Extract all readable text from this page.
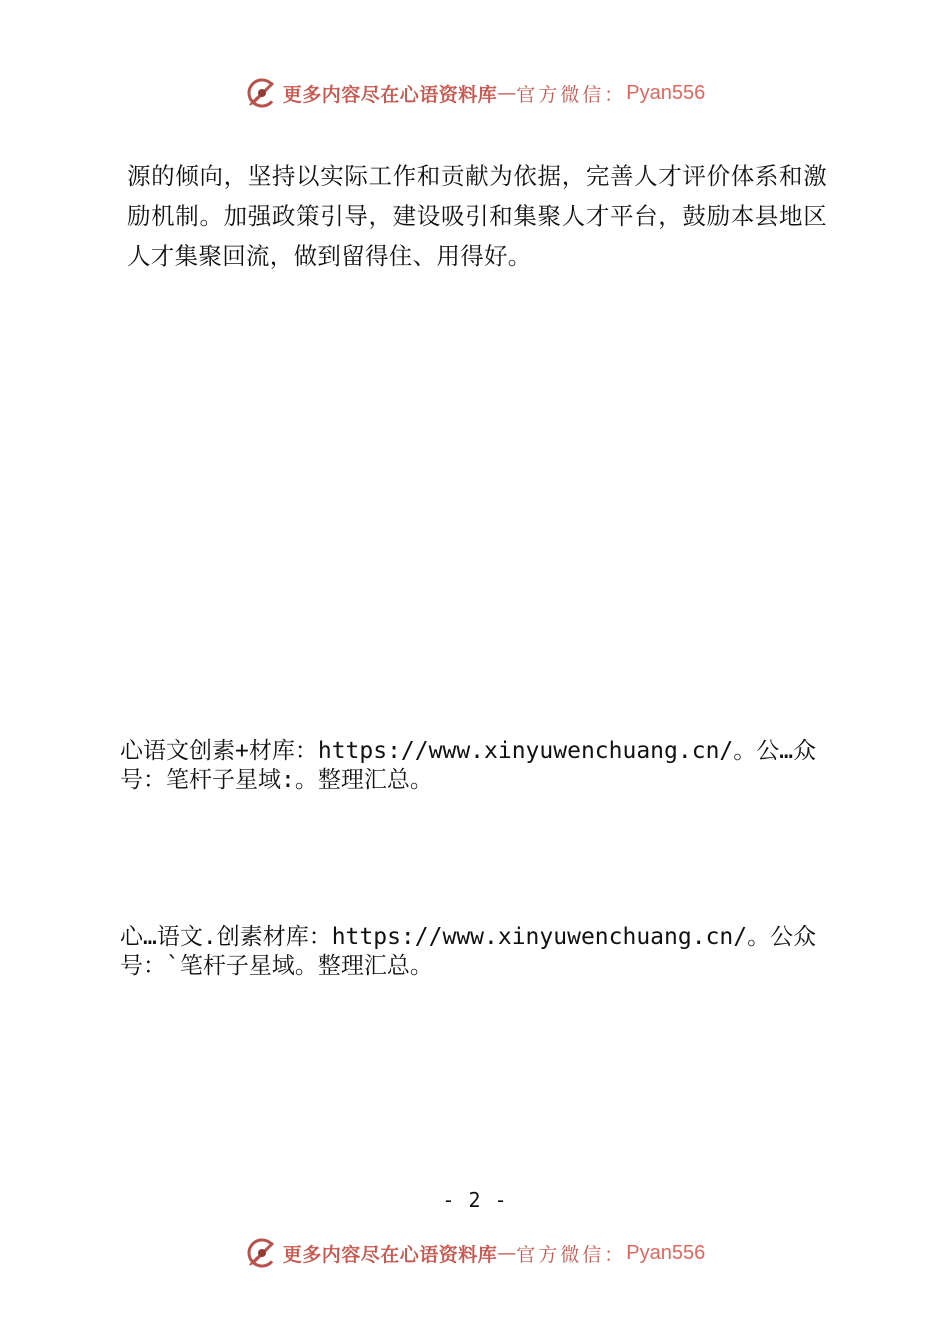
更多内容尽在心语资料库 — 官方微信： Pyan556
源的倾向，坚持以实际工作和贡献为依据，完善人才评价体系和激励机制。加强政策引导，建设吸引和集聚人才平台，鼓励本县地区人才集聚回流，做到留得住、用得好。
心语文创素+材库：https://www.xinyuwenchuang.cn/。公…众号：笔杆子星域:。整理汇总。
心…语文.创素材库：https://www.xinyuwenchuang.cn/。公众号：`笔杆子星域。整理汇总。
- 2 -
更多内容尽在心语资料库 — 官方微信： Pyan556
